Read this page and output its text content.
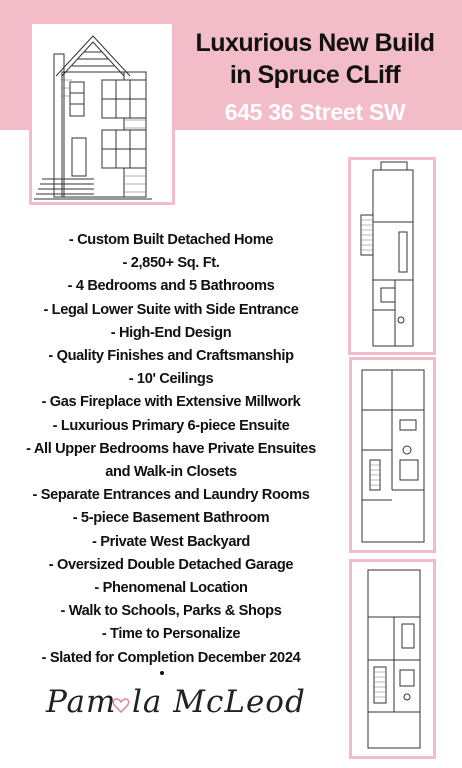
Luxurious New Build
in Spruce CLiff
645 36 Street SW
- Custom Built Detached Home
- 2,850+ Sq. Ft.
- 4 Bedrooms and 5 Bathrooms
- Legal Lower Suite with Side Entrance
- High-End Design
- Quality Finishes and Craftsmanship
- 10' Ceilings
- Gas Fireplace with Extensive Millwork
- Luxurious Primary 6-piece Ensuite
- All Upper Bedrooms have Private Ensuites
and Walk-in Closets
- Separate Entrances and Laundry Rooms
- 5-piece Basement Bathroom
- Private West Backyard
- Oversized Double Detached Garage
- Phenomenal Location
- Walk to Schools, Parks & Shops
- Time to Personalize
- Slated for Completion December 2024
Pam la McLeod
